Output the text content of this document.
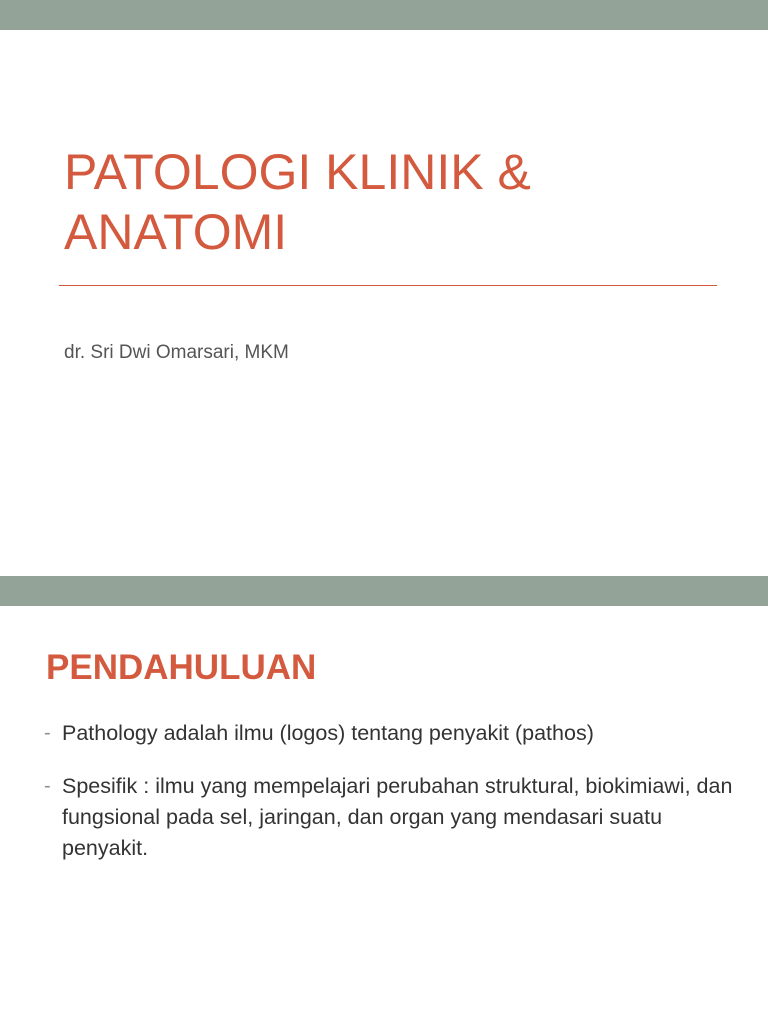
PATOLOGI KLINIK & ANATOMI

dr. Sri Dwi Omarsari, MKM

PENDAHULUAN
- Pathology adalah ilmu (logos) tentang penyakit (pathos)
- Spesifik : ilmu yang mempelajari perubahan struktural, biokimiawi, dan fungsional pada sel, jaringan, dan organ yang mendasari suatu penyakit.
